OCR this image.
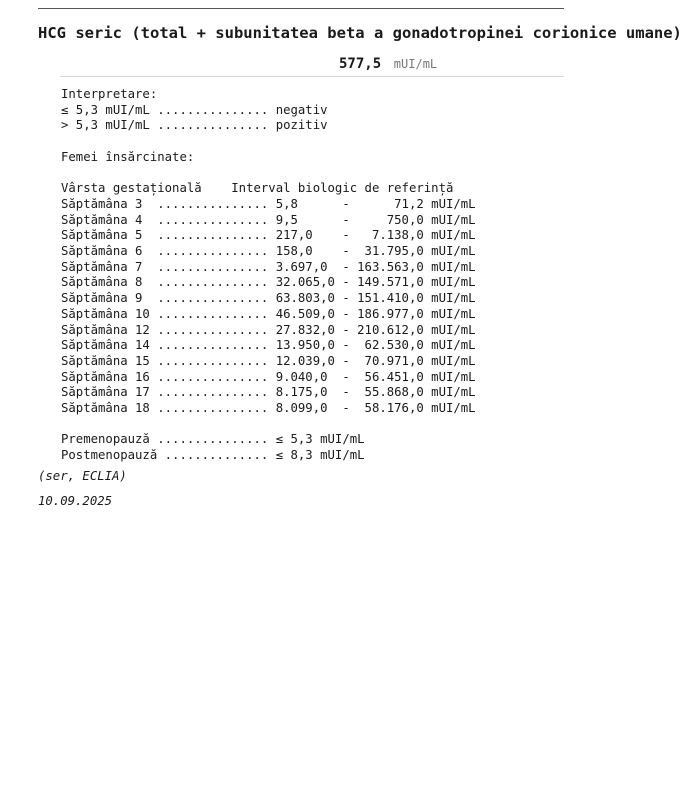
HCG seric (total + subunitatea beta a gonadotropinei corionice umane)
577,5 mUI/mL
Interpretare:
≤ 5,3 mUI/mL ............... negativ
> 5,3 mUI/mL ............... pozitiv

Femei însărcinate:

Vârsta gestațională    Interval biologic de referință
Săptămâna 3  ............... 5,8      -      71,2 mUI/mL
Săptămâna 4  ............... 9,5      -     750,0 mUI/mL
Săptămâna 5  ............... 217,0    -   7.138,0 mUI/mL
Săptămâna 6  ............... 158,0    -  31.795,0 mUI/mL
Săptămâna 7  ............... 3.697,0  - 163.563,0 mUI/mL
Săptămâna 8  ............... 32.065,0 - 149.571,0 mUI/mL
Săptămâna 9  ............... 63.803,0 - 151.410,0 mUI/mL
Săptămâna 10 ............... 46.509,0 - 186.977,0 mUI/mL
Săptămâna 12 ............... 27.832,0 - 210.612,0 mUI/mL
Săptămâna 14 ............... 13.950,0 -  62.530,0 mUI/mL
Săptămâna 15 ............... 12.039,0 -  70.971,0 mUI/mL
Săptămâna 16 ............... 9.040,0  -  56.451,0 mUI/mL
Săptămâna 17 ............... 8.175,0  -  55.868,0 mUI/mL
Săptămâna 18 ............... 8.099,0  -  58.176,0 mUI/mL

Premenopauză ............... ≤ 5,3 mUI/mL
Postmenopauză .............. ≤ 8,3 mUI/mL
(ser, ECLIA)
10.09.2025
